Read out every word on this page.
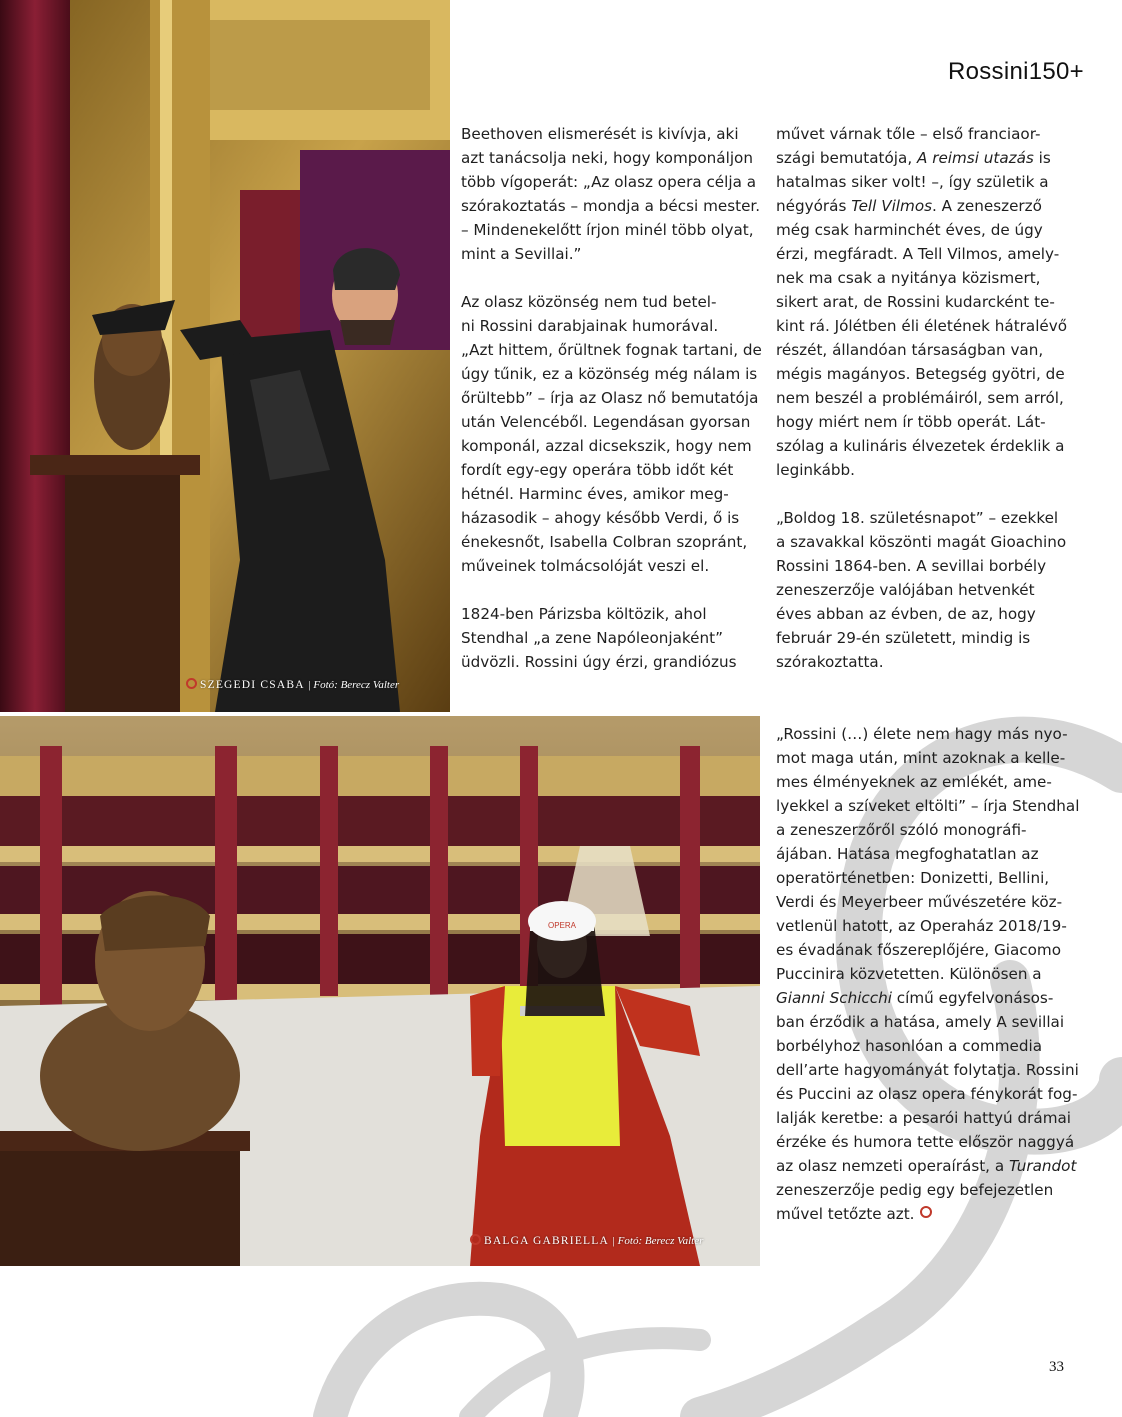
Rossini150+
SZEGEDI CSABA | Fotó: Berecz Valter
OPERA
BALGA GABRIELLA | Fotó: Berecz Valter
Beethoven elismerését is kivívja, aki
azt tanácsolja neki, hogy komponáljon
több vígoperát: „Az olasz opera célja a
szórakoztatás – mondja a bécsi mester.
– Mindenekelőtt írjon minél több olyat,
mint a Sevillai.”
Az olasz közönség nem tud betel-
ni Rossini darabjainak humorával.
„Azt hittem, őrültnek fognak tartani, de
úgy tűnik, ez a közönség még nálam is
őrültebb” – írja az Olasz nő bemutatója
után Velencéből. Legendásan gyorsan
komponál, azzal dicsekszik, hogy nem
fordít egy-egy operára több időt két
hétnél. Harminc éves, amikor meg-
házasodik – ahogy később Verdi, ő is
énekesnőt, Isabella Colbran szopránt,
műveinek tolmácsolóját veszi el.
1824-ben Párizsba költözik, ahol
Stendhal „a zene Napóleonjaként”
üdvözli. Rossini úgy érzi, grandiózus
művet várnak tőle – első franciaor-
szági bemutatója, A reimsi utazás is
hatalmas siker volt! –, így születik a
négyórás Tell Vilmos. A zeneszerző
még csak harminchét éves, de úgy
érzi, megfáradt. A Tell Vilmos, amely-
nek ma csak a nyitánya közismert,
sikert arat, de Rossini kudarcként te-
kint rá. Jólétben éli életének hátralévő
részét, állandóan társaságban van,
mégis magányos. Betegség gyötri, de
nem beszél a problémáiról, sem arról,
hogy miért nem ír több operát. Lát-
szólag a kulináris élvezetek érdeklik a
leginkább.
„Boldog 18. születésnapot” – ezekkel
a szavakkal köszönti magát Gioachino
Rossini 1864-ben. A sevillai borbély
zeneszerzője valójában hetvenkét
éves abban az évben, de az, hogy
február 29-én született, mindig is
szórakoztatta.
„Rossini (…) élete nem hagy más nyo-
mot maga után, mint azoknak a kelle-
mes élményeknek az emlékét, ame-
lyekkel a szíveket eltölti” – írja Stendhal
a zeneszerzőről szóló monográfi-
ájában. Hatása megfoghatatlan az
operatörténetben: Donizetti, Bellini,
Verdi és Meyerbeer művészetére köz-
vetlenül hatott, az Operaház 2018/19-
es évadának főszereplőjére, Giacomo
Puccinira közvetetten. Különösen a
Gianni Schicchi című egyfelvonásos-
ban érződik a hatása, amely A sevillai
borbélyhoz hasonlóan a commedia
dell’arte hagyományát folytatja. Rossini
és Puccini az olasz opera fénykorát fog-
lalják keretbe: a pesarói hattyú drámai
érzéke és humora tette először naggyá
az olasz nemzeti operaírást, a Turandot
zeneszerzője pedig egy befejezetlen
művel tetőzte azt.
33
